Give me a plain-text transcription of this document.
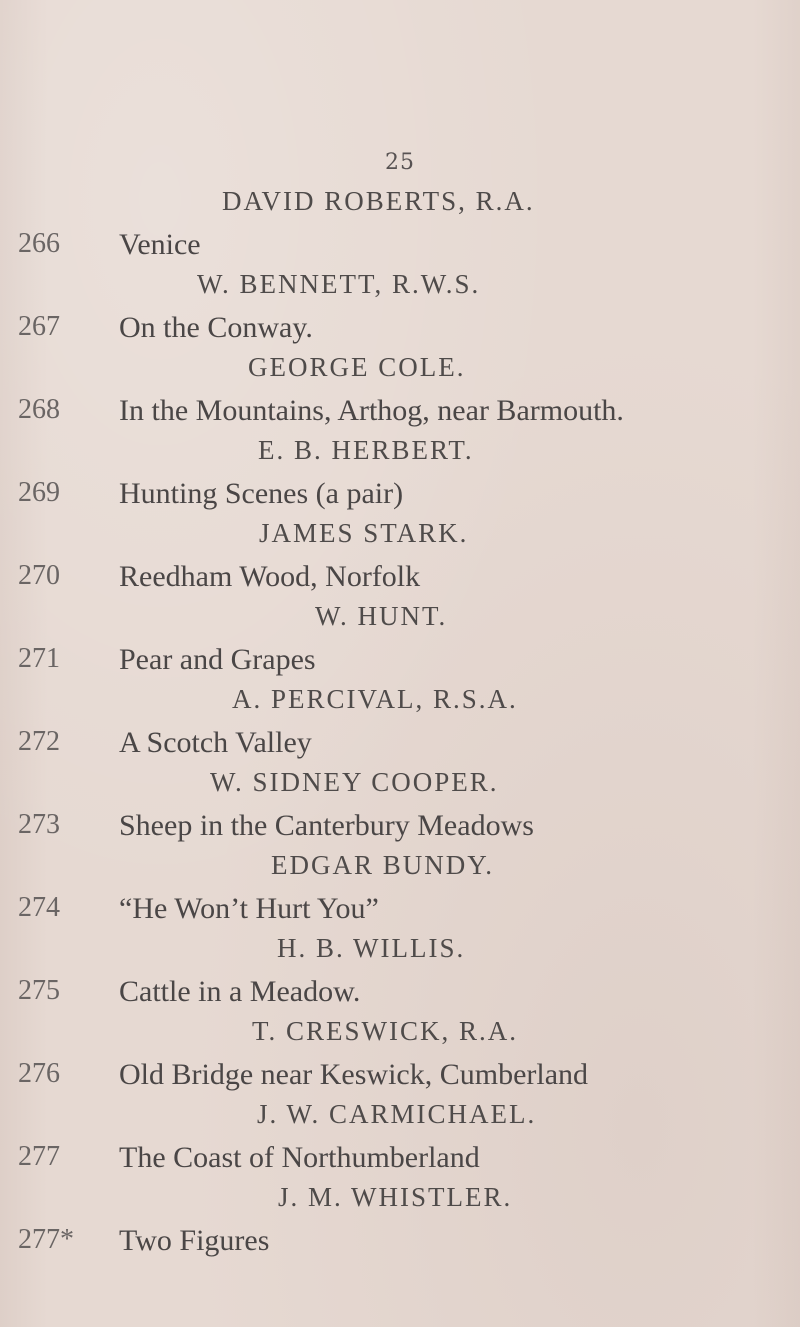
25
DAVID ROBERTS, R.A.
266	Venice
W. BENNETT, R.W.S.
267	On the Conway.
GEORGE COLE.
268	In the Mountains, Arthog, near Barmouth.
E. B. HERBERT.
269	Hunting Scenes (a pair)
JAMES STARK.
270	Reedham Wood, Norfolk
W. HUNT.
271	Pear and Grapes
A. PERCIVAL, R.S.A.
272	A Scotch Valley
W. SIDNEY COOPER.
273	Sheep in the Canterbury Meadows
EDGAR BUNDY.
274	“He Won’t Hurt You”
H. B. WILLIS.
275	Cattle in a Meadow.
T. CRESWICK, R.A.
276	Old Bridge near Keswick, Cumberland
J. W. CARMICHAEL.
277	The Coast of Northumberland
J. M. WHISTLER.
277*	Two Figures
